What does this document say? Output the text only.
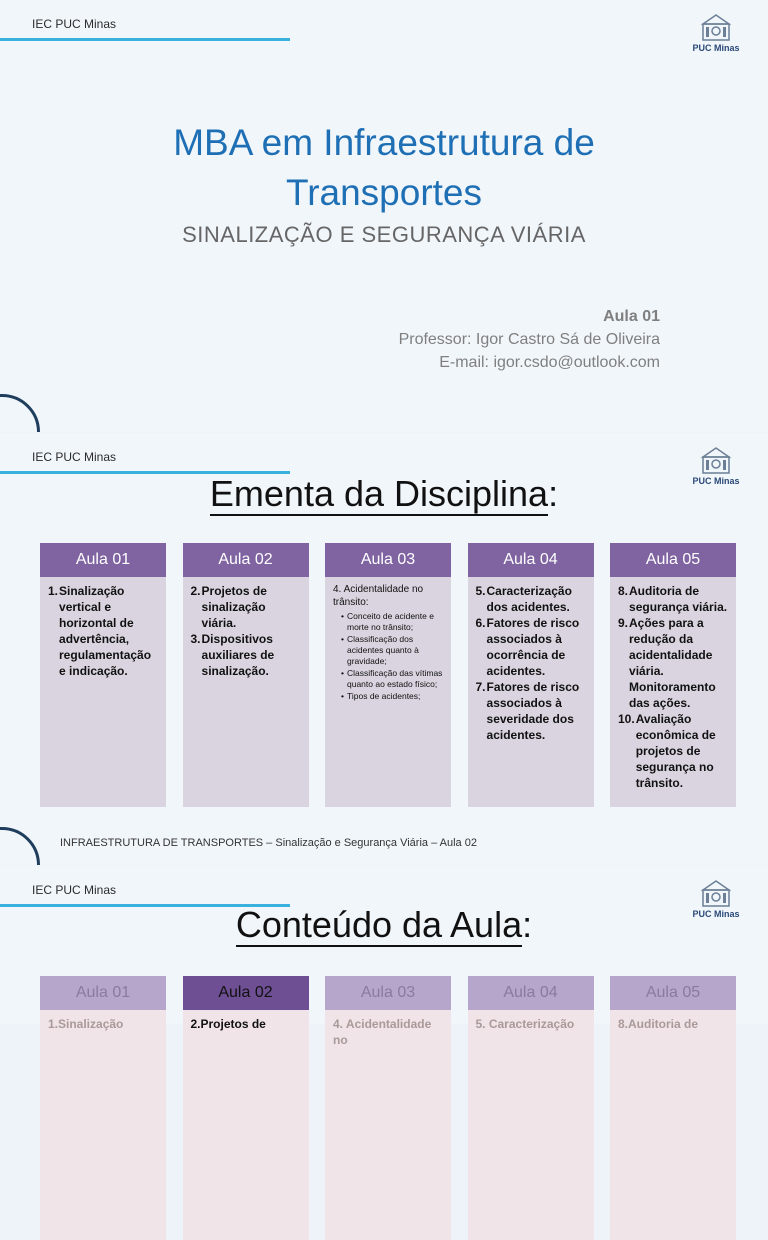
IEC PUC Minas
PUC Minas
MBA em Infraestrutura de
Transportes
SINALIZAÇÃO E SEGURANÇA VIÁRIA
Aula 01
Professor: Igor Castro Sá de Oliveira
E-mail: igor.csdo@outlook.com
IEC PUC Minas
PUC Minas
Ementa da Disciplina:
Aula 01
1. Sinalização vertical e horizontal de advertência, regulamentação e indicação.
Aula 02
2. Projetos de sinalização viária.
3. Dispositivos auxiliares de sinalização.
Aula 03
4. Acidentalidade no trânsito:
• Conceito de acidente e morte no trânsito;
• Classificação dos acidentes quanto à gravidade;
• Classificação das vítimas quanto ao estado físico;
• Tipos de acidentes;
Aula 04
5. Caracterização dos acidentes.
6. Fatores de risco associados à ocorrência de acidentes.
7. Fatores de risco associados à severidade dos acidentes.
Aula 05
8. Auditoria de segurança viária.
9. Ações para a redução da acidentalidade viária. Monitoramento das ações.
10. Avaliação econômica de projetos de segurança no trânsito.
INFRAESTRUTURA DE TRANSPORTES – Sinalização e Segurança Viária – Aula 02
IEC PUC Minas
PUC Minas
Conteúdo da Aula:
Aula 01
1.Sinalização
Aula 02
2.Projetos de
Aula 03
4. Acidentalidade no
Aula 04
5. Caracterização
Aula 05
8.Auditoria de
